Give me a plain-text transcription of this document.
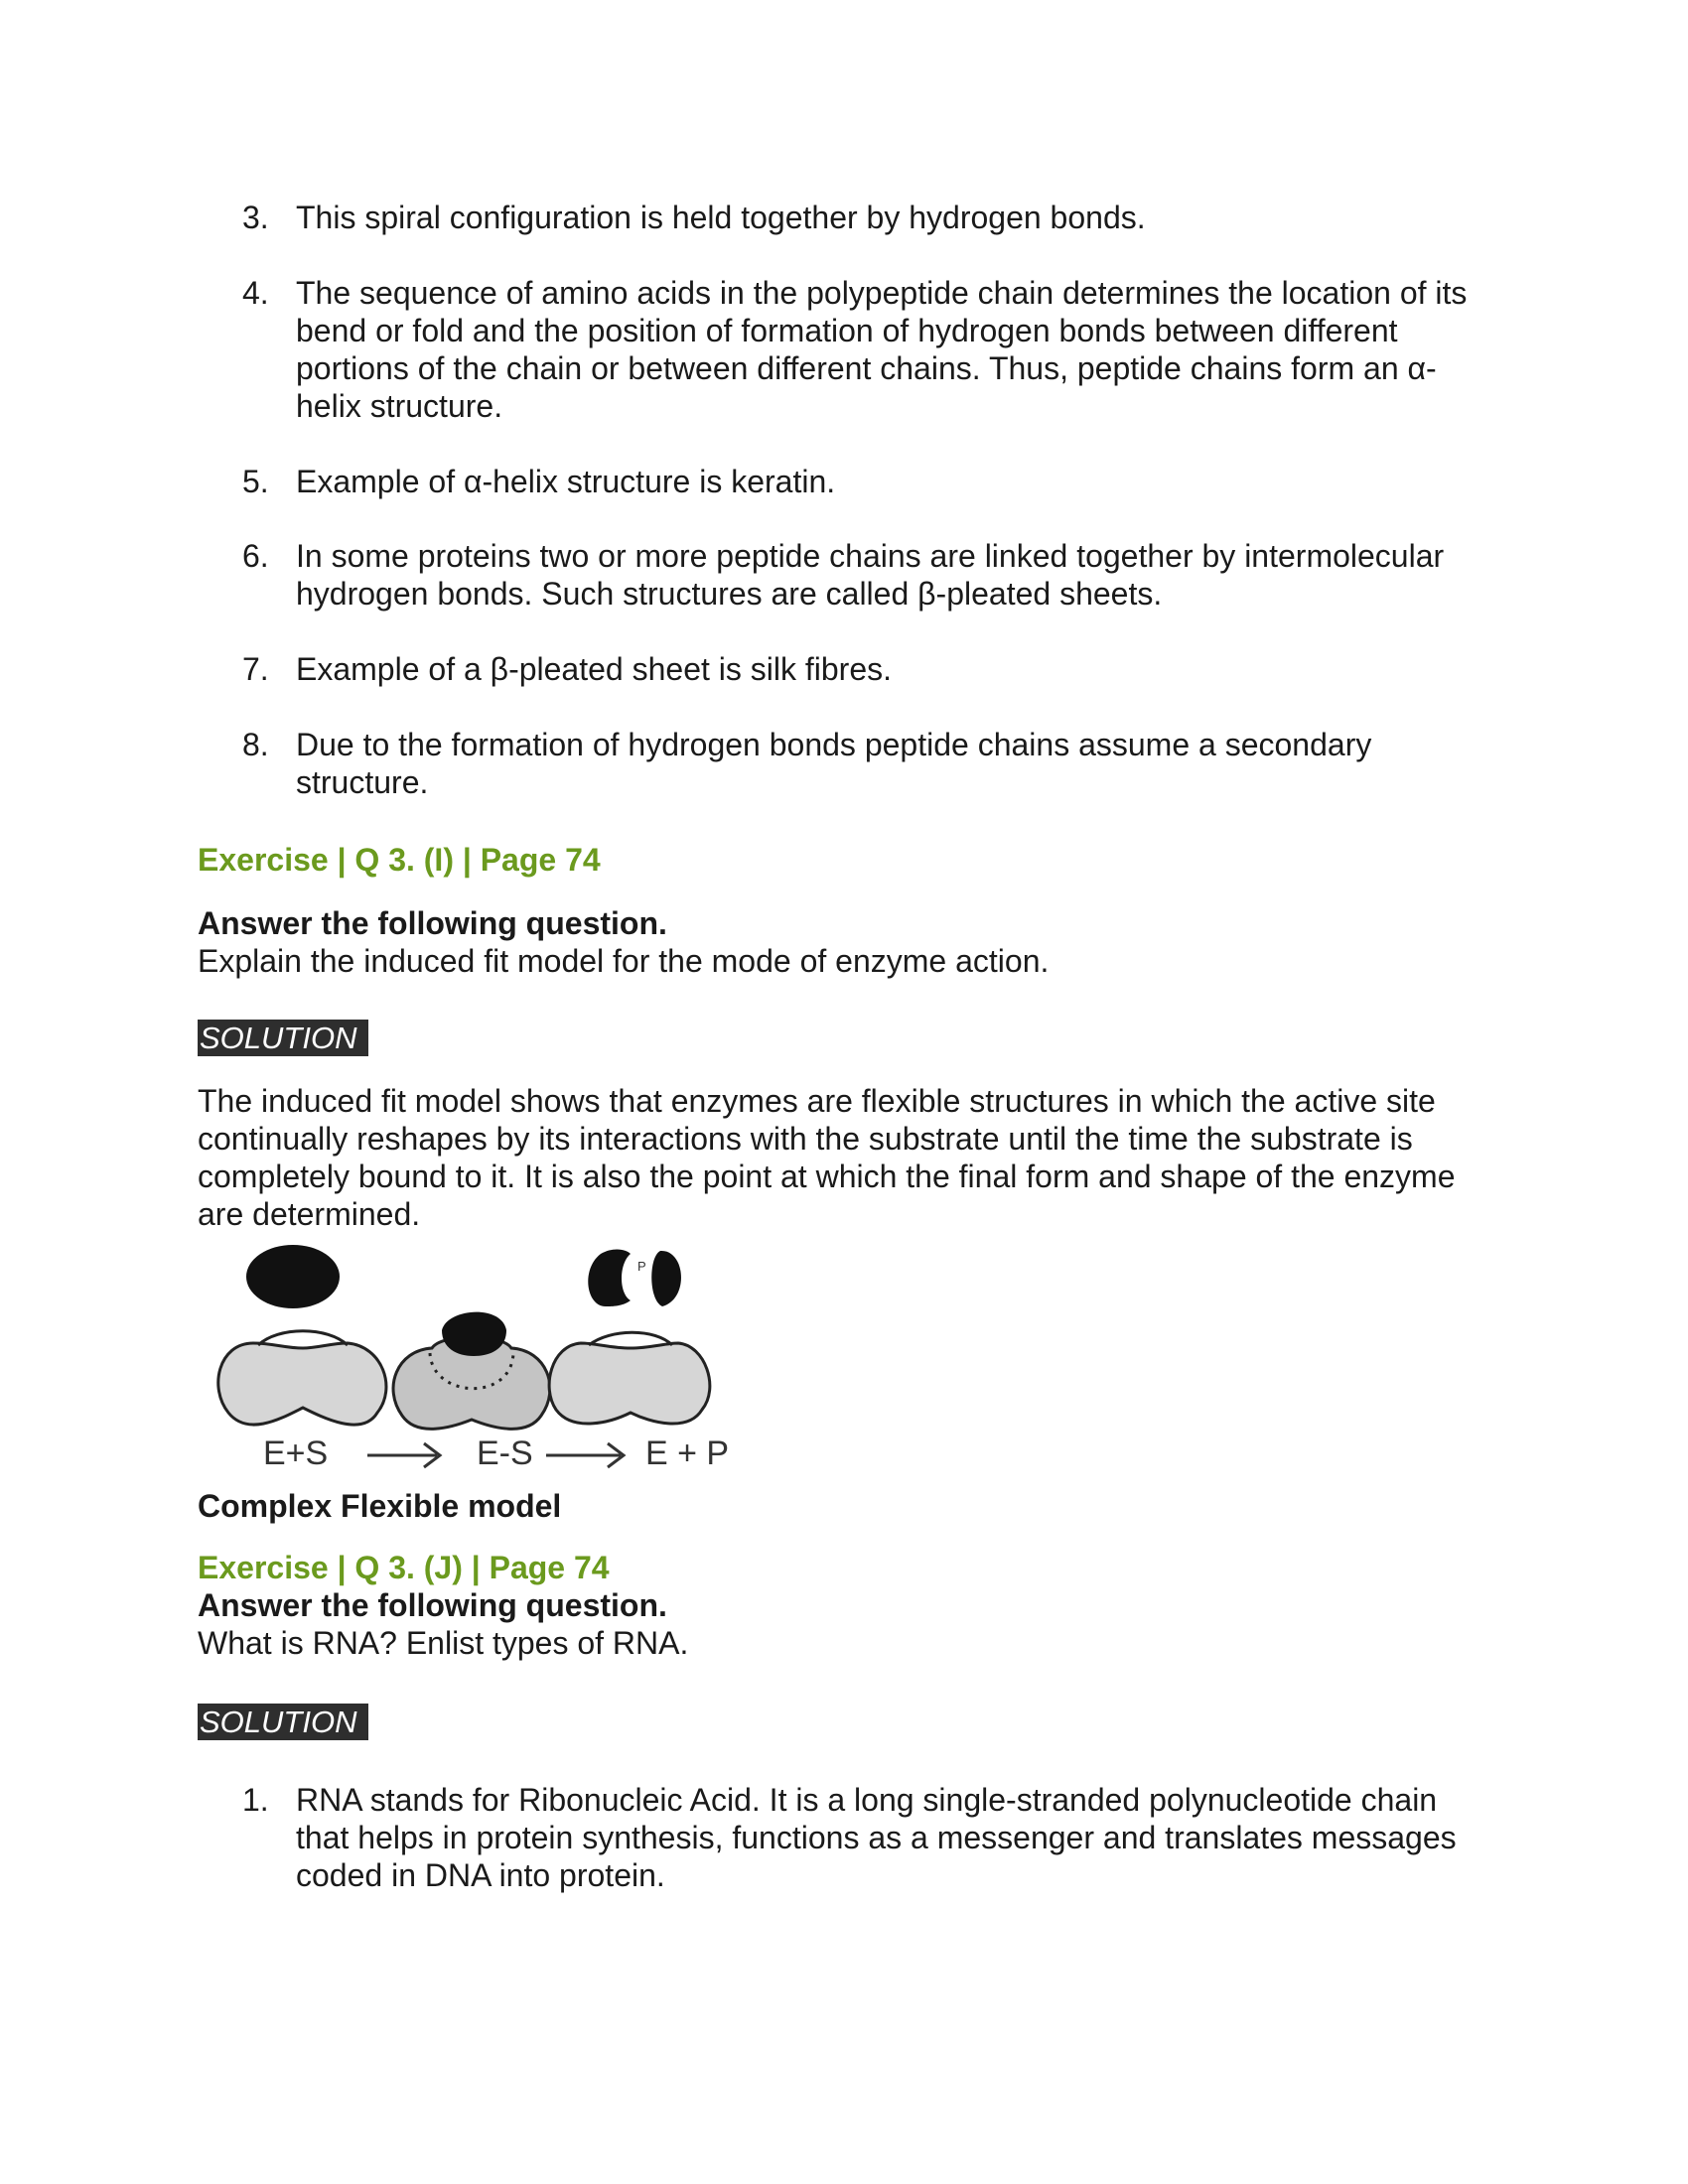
3. This spiral configuration is held together by hydrogen bonds.
4. The sequence of amino acids in the polypeptide chain determines the location of its bend or fold and the position of formation of hydrogen bonds between different portions of the chain or between different chains. Thus, peptide chains form an α-helix structure.
5. Example of α-helix structure is keratin.
6. In some proteins two or more peptide chains are linked together by intermolecular hydrogen bonds. Such structures are called β-pleated sheets.
7. Example of a β-pleated sheet is silk fibres.
8. Due to the formation of hydrogen bonds peptide chains assume a secondary structure.
Exercise | Q 3. (I) | Page 74
Answer the following question.
Explain the induced fit model for the mode of enzyme action.
SOLUTION
The induced fit model shows that enzymes are flexible structures in which the active site continually reshapes by its interactions with the substrate until the time the substrate is completely bound to it. It is also the point at which the final form and shape of the enzyme are determined.
P
E+S	E-S	E + P
Complex Flexible model
Exercise | Q 3. (J) | Page 74
Answer the following question.
What is RNA? Enlist types of RNA.
SOLUTION
1. RNA stands for Ribonucleic Acid. It is a long single-stranded polynucleotide chain that helps in protein synthesis, functions as a messenger and translates messages coded in DNA into protein.
